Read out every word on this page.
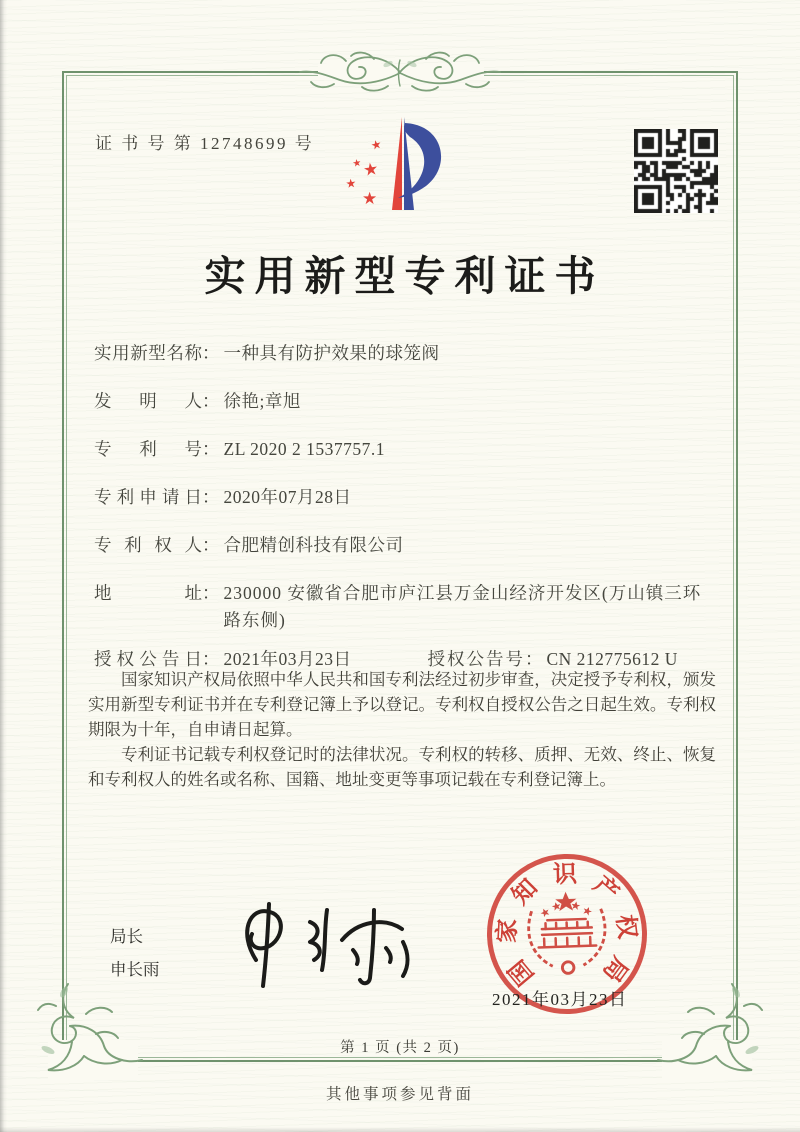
证 书 号 第 12748699 号	★
★ ★
★
★
实用新型专利证书
实用新型名称： 一种具有防护效果的球笼阀
发明人： 徐艳;章旭
专利号： ZL 2020 2 1537757.1
专利申请日： 2020年07月28日
专利权人： 合肥精创科技有限公司
地址： 230000 安徽省合肥市庐江县万金山经济开发区(万山镇三环路东侧)
授权公告日： 2021年03月23日	授权公告号： CN 212775612 U

国家知识产权局依照中华人民共和国专利法经过初步审查，决定授予专利权，颁发实用新型专利证书并在专利登记簿上予以登记。专利权自授权公告之日起生效。专利权期限为十年，自申请日起算。

专利证书记载专利权登记时的法律状况。专利权的转移、质押、无效、终止、恢复和专利权人的姓名或名称、国籍、地址变更等事项记载在专利登记簿上。

局长
申长雨	国
家
知 识 产
权
局
2021年03月23日
第 1 页 (共 2 页)
其他事项参见背面
